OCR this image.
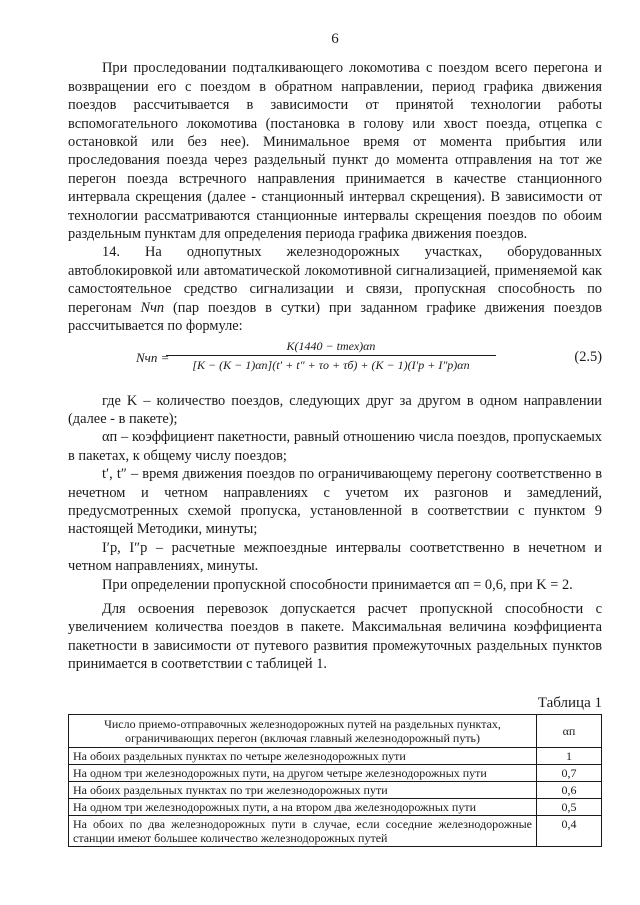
6

При проследовании подталкивающего локомотива с поездом всего перегона и возвращении его с поездом в обратном направлении, период графика движения поездов рассчитывается в зависимости от принятой технологии работы вспомогательного локомотива (постановка в голову или хвост поезда, отцепка с остановкой или без нее). Минимальное время от момента прибытия или проследования поезда через раздельный пункт до момента отправления на тот же перегон поезда встречного направления принимается в качестве станционного интервала скрещения (далее - станционный интервал скрещения). В зависимости от технологии рассматриваются станционные интервалы скрещения поездов по обоим раздельным пунктам для определения периода графика движения поездов.

14. На однопутных железнодорожных участках, оборудованных автоблокировкой или автоматической локомотивной сигнализацией, применяемой как самостоятельное средство сигнализации и связи, пропускная способность по перегонам Nчп (пар поездов в сутки) при заданном графике движения поездов рассчитывается по формуле:

Nчп =
K(1440 − tтех)αп
[K − (K − 1)αп](t′ + t″ + τо + τб) + (K − 1)(I′р + I″р)αп	(2.5)

где K – количество поездов, следующих друг за другом в одном направлении (далее - в пакете);

αп – коэффициент пакетности, равный отношению числа поездов, пропускаемых в пакетах, к общему числу поездов;

t′, t″ – время движения поездов по ограничивающему перегону соответственно в нечетном и четном направлениях с учетом их разгонов и замедлений, предусмотренных схемой пропуска, установленной в соответствии с пунктом 9 настоящей Методики, минуты;

I′р, I″р – расчетные межпоездные интервалы соответственно в нечетном и четном направлениях, минуты.

При определении пропускной способности принимается αп = 0,6, при K = 2.

Для освоения перевозок допускается расчет пропускной способности с увеличением количества поездов в пакете. Максимальная величина коэффициента пакетности в зависимости от путевого развития промежуточных раздельных пунктов принимается в соответствии с таблицей 1.

Таблица 1
Число приемо-отправочных железнодорожных путей на раздельных пунктах, ограничивающих перегон (включая главный железнодорожный путь)	αп
На обоих раздельных пунктах по четыре железнодорожных пути	1
На одном три железнодорожных пути, на другом четыре железнодорожных пути	0,7
На обоих раздельных пунктах по три железнодорожных пути	0,6
На одном три железнодорожных пути, а на втором два железнодорожных пути	0,5
На обоих по два железнодорожных пути в случае, если соседние железнодорожные станции имеют большее количество железнодорожных путей	0,4
